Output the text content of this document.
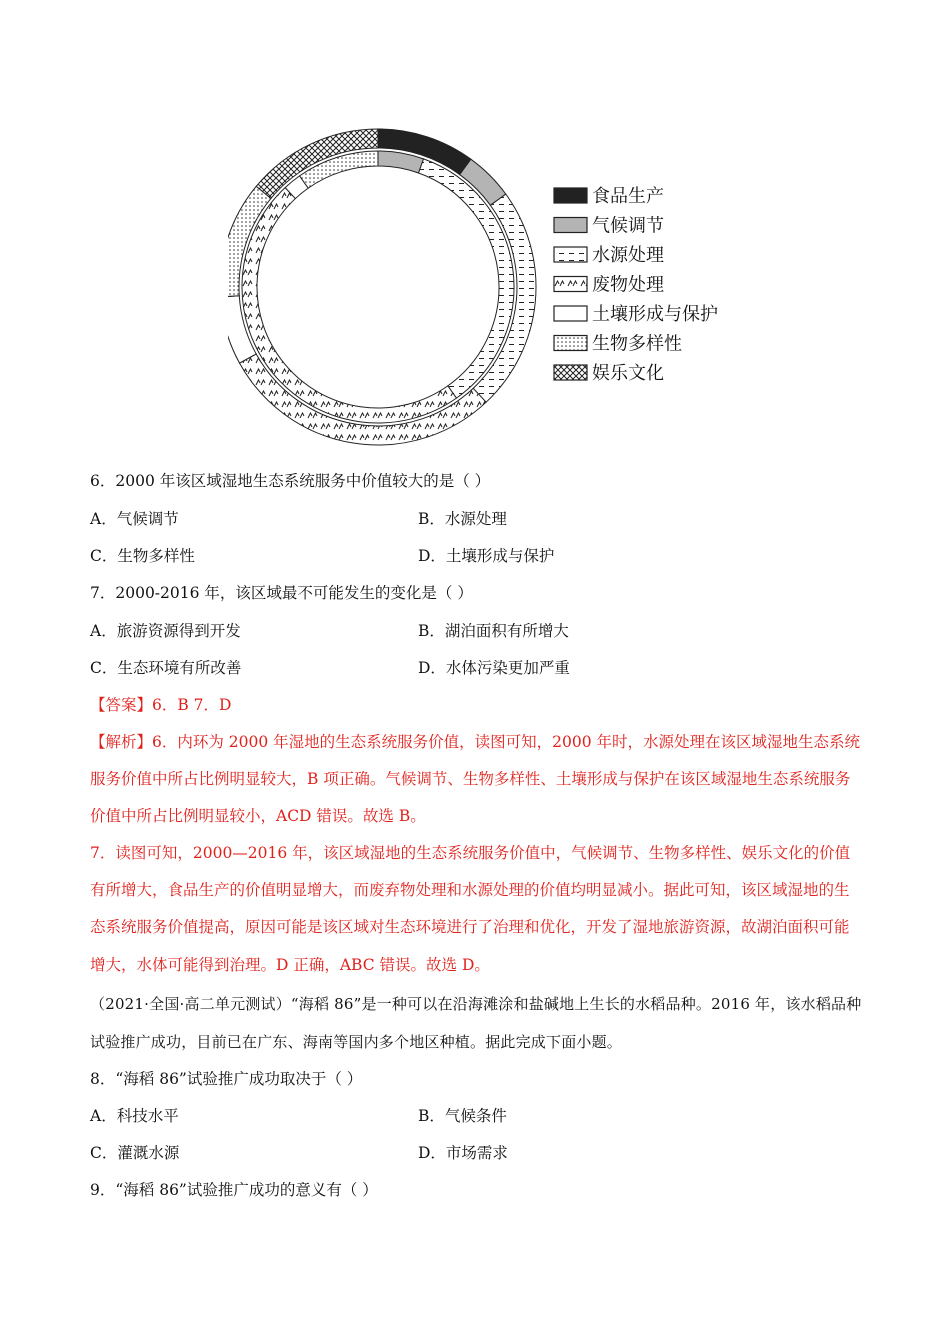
食品生产
气候调节
水源处理
废物处理
土壤形成与保护
生物多样性
娱乐文化
6．2000 年该区域湿地生态系统服务中价值较大的是（ ）
A．气候调节	B．水源处理
C．生物多样性	D．土壤形成与保护
7．2000-2016 年，该区域最不可能发生的变化是（ ）
A．旅游资源得到开发	B．湖泊面积有所增大
C．生态环境有所改善	D．水体污染更加严重
【答案】6．B 7．D
【解析】6．内环为 2000 年湿地的生态系统服务价值，读图可知，2000 年时，水源处理在该区域湿地生态系统服务价值中所占比例明显较大，B 项正确。气候调节、生物多样性、土壤形成与保护在该区域湿地生态系统服务价值中所占比例明显较小，ACD 错误。故选 B。
7．读图可知，2000—2016 年，该区域湿地的生态系统服务价值中，气候调节、生物多样性、娱乐文化的价值有所增大，食品生产的价值明显增大，而废弃物处理和水源处理的价值均明显减小。据此可知，该区域湿地的生态系统服务价值提高，原因可能是该区域对生态环境进行了治理和优化，开发了湿地旅游资源，故湖泊面积可能增大，水体可能得到治理。D 正确，ABC 错误。故选 D。
（2021·全国·高二单元测试）“海稻 86”是一种可以在沿海滩涂和盐碱地上生长的水稻品种。2016 年，该水稻品种试验推广成功，目前已在广东、海南等国内多个地区种植。据此完成下面小题。
8．“海稻 86”试验推广成功取决于（ ）
A．科技水平	B．气候条件
C．灌溉水源	D．市场需求
9．“海稻 86”试验推广成功的意义有（ ）
